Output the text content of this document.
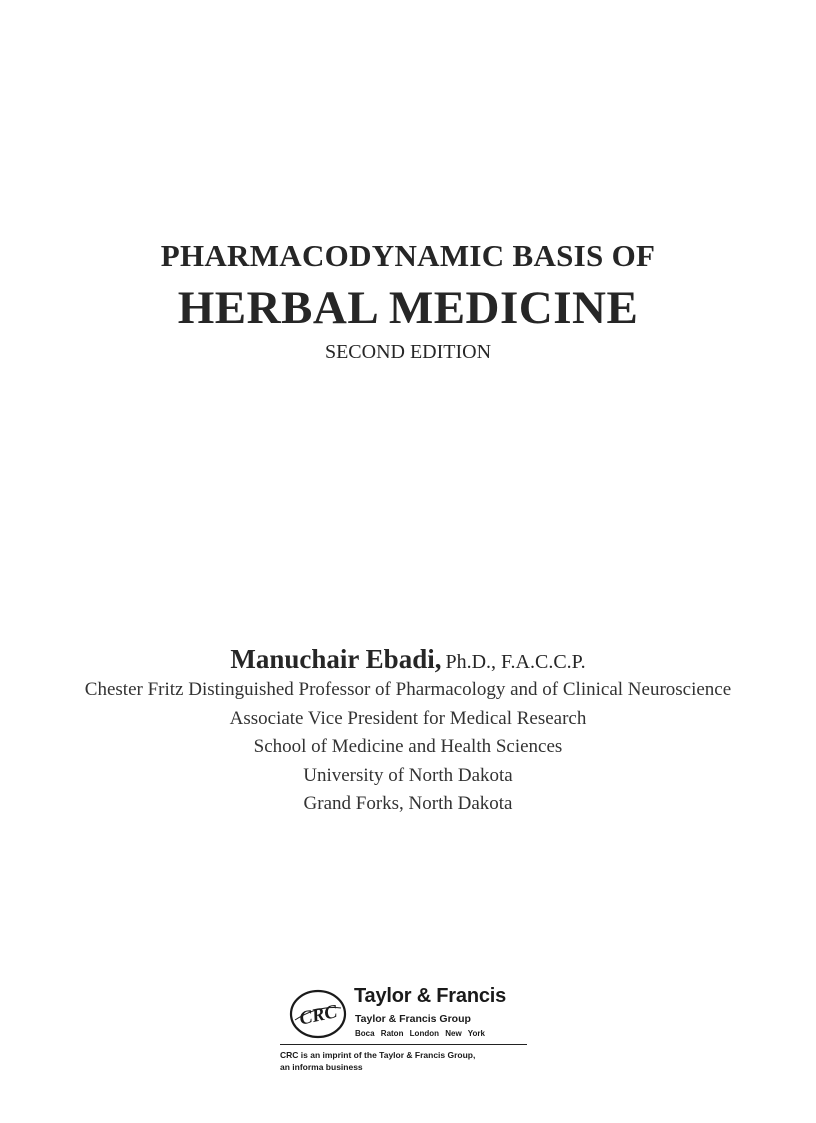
PHARMACODYNAMIC BASIS OF
HERBAL MEDICINE
SECOND EDITION
Manuchair Ebadi, Ph.D., F.A.C.C.P.
Chester Fritz Distinguished Professor of Pharmacology and of Clinical Neuroscience
Associate Vice President for Medical Research
School of Medicine and Health Sciences
University of North Dakota
Grand Forks, North Dakota
CRC
Taylor & Francis
Taylor & Francis Group
Boca Raton London New York
CRC is an imprint of the Taylor & Francis Group,
an informa business
